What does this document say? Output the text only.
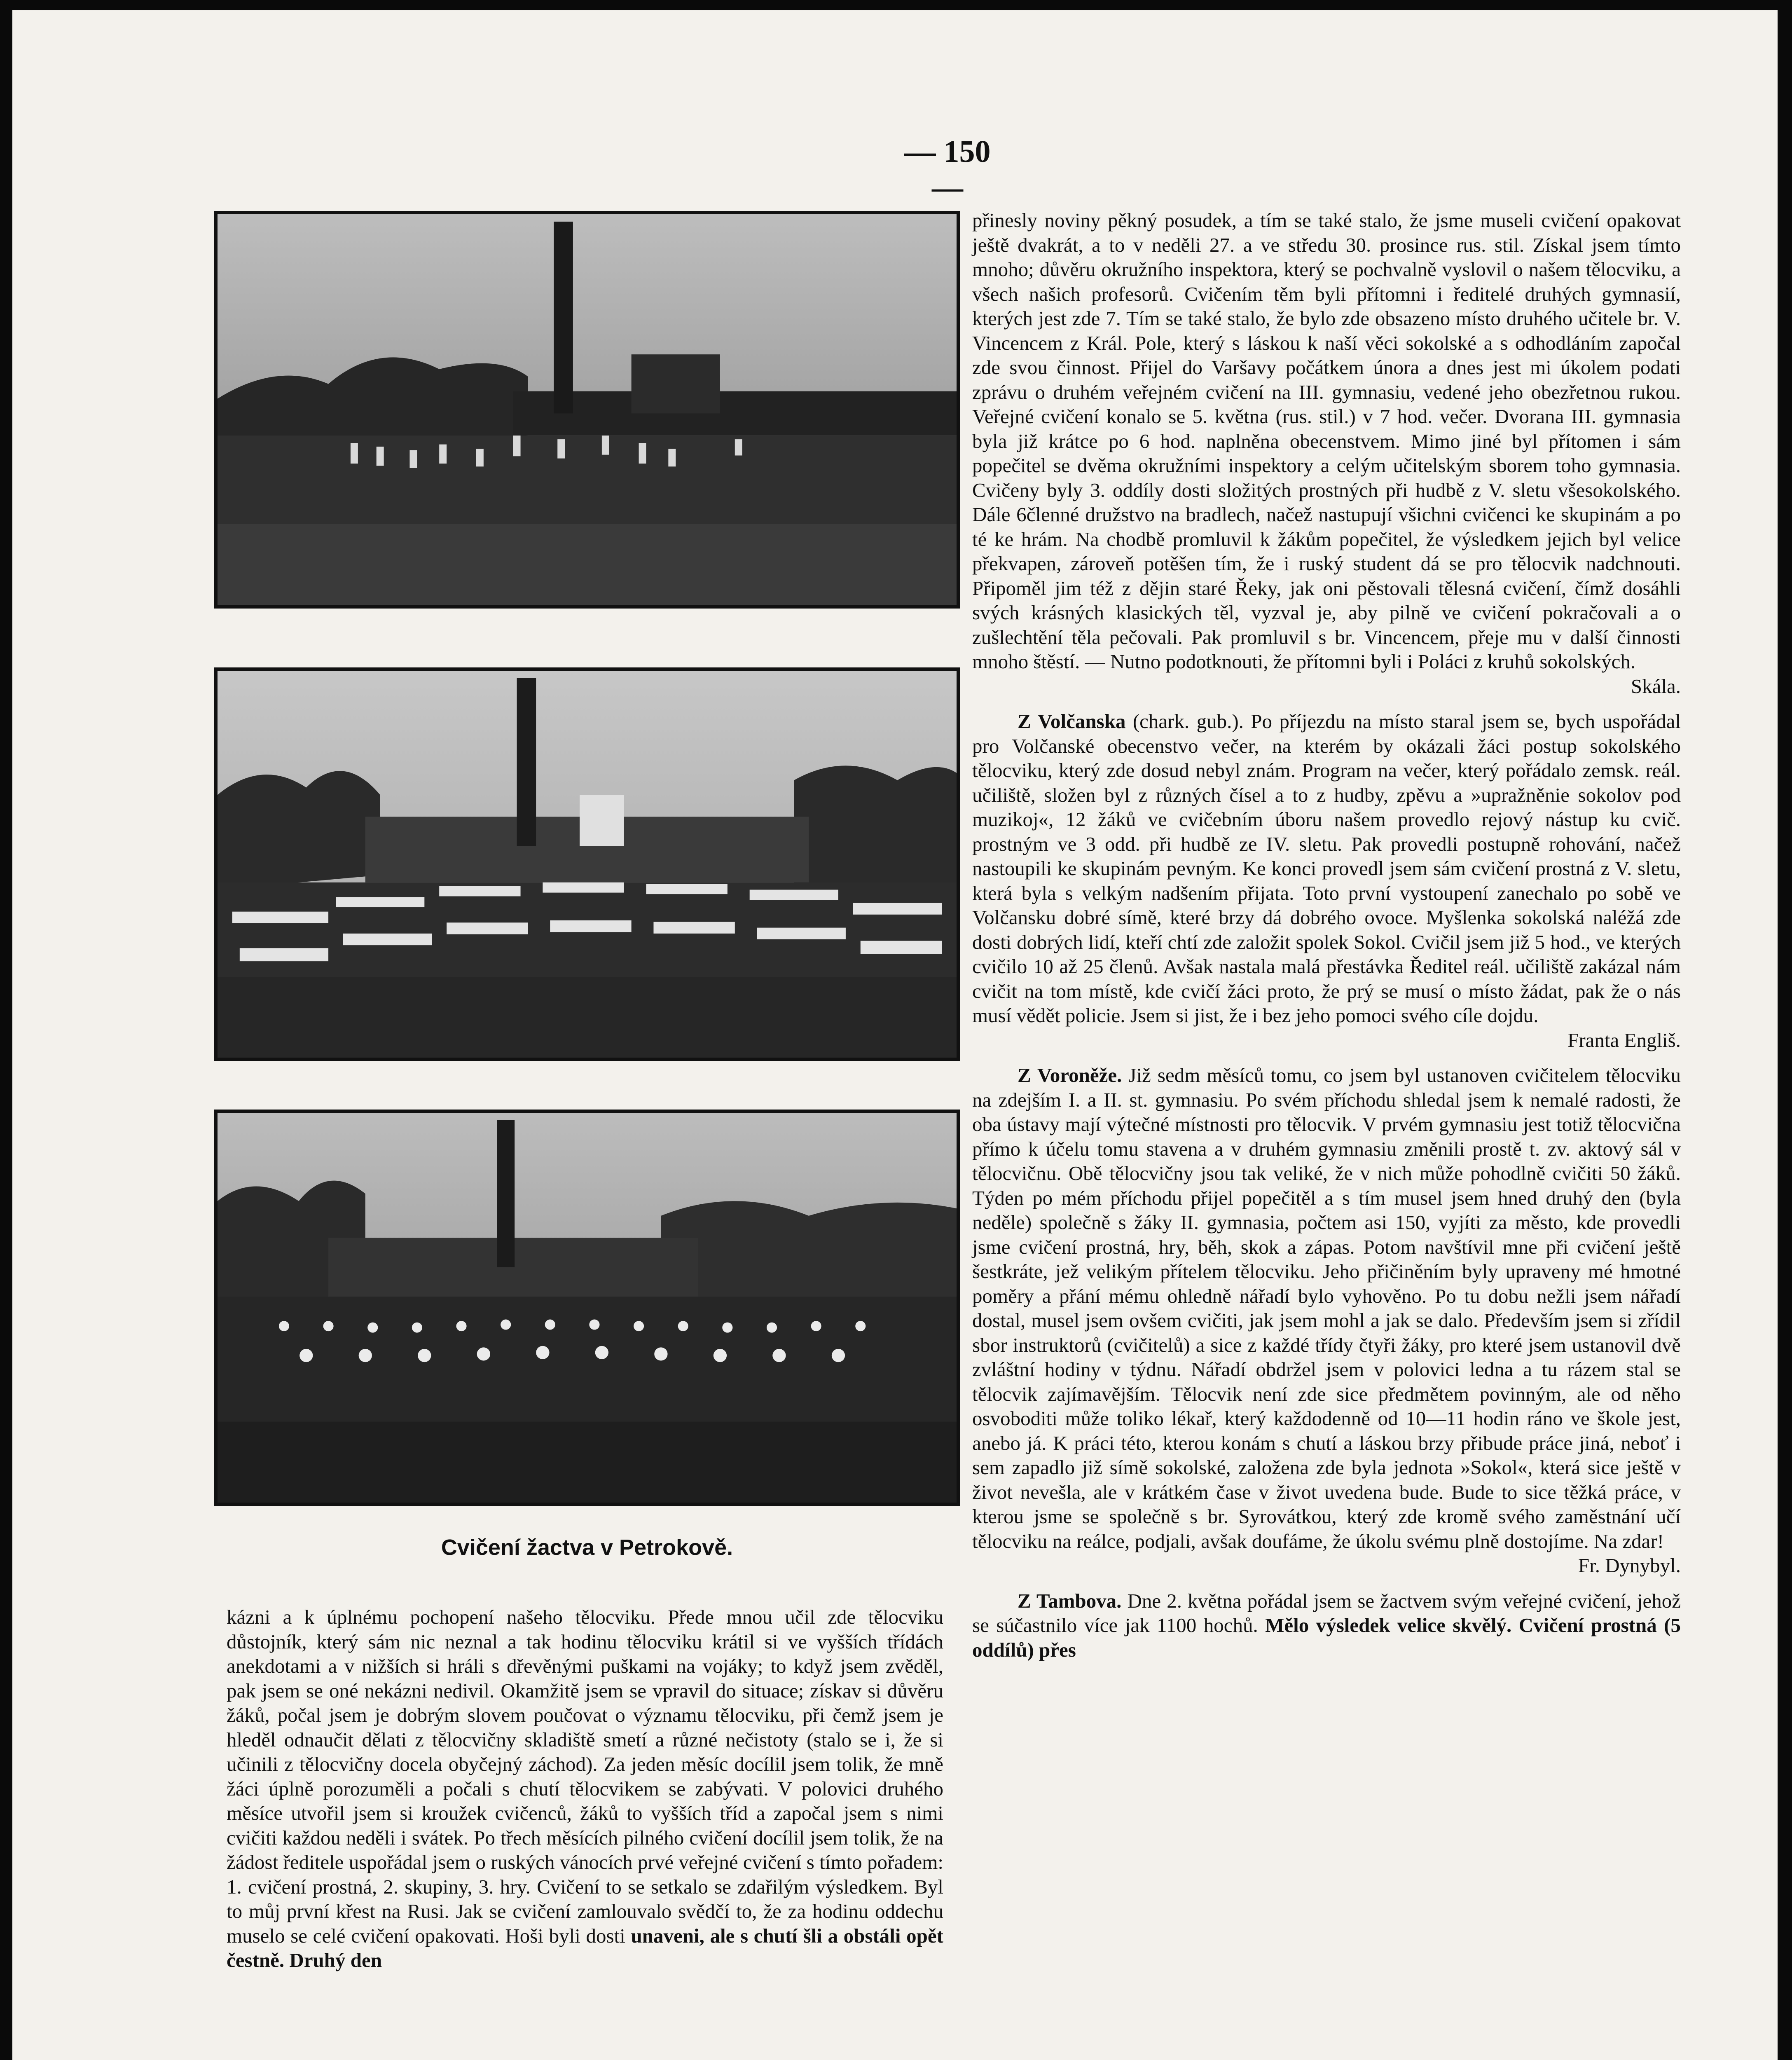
— 150 —
Cvičení žactva v Petrokově.

kázni a k úplnému pochopení našeho tělocviku. Přede mnou učil zde tělocviku důstojník, který sám nic neznal a tak hodinu tělocviku krátil si ve vyšších třídách anekdotami a v nižších si hráli s dřevěnými puškami na vojáky; to když jsem zvěděl, pak jsem se oné nekázni nedivil. Okamžitě jsem se vpravil do situace; získav si důvěru žáků, počal jsem je dobrým slovem poučovat o významu tělocviku, při čemž jsem je hleděl odnaučit dělati z tělocvičny skladiště smetí a různé nečistoty (stalo se i, že si učinili z tělocvičny docela obyčejný záchod). Za jeden měsíc docílil jsem tolik, že mně žáci úplně porozuměli a počali s chutí tělocvikem se zabývati. V polovici druhého měsíce utvořil jsem si kroužek cvičenců, žáků to vyšších tříd a započal jsem s nimi cvičiti každou neděli i svátek. Po třech měsících pilného cvičení docílil jsem tolik, že na žádost ředitele uspořádal jsem o ruských vánocích prvé veřejné cvičení s tímto pořadem: 1. cvičení prostná, 2. skupiny, 3. hry. Cvičení to se setkalo se zdařilým výsledkem. Byl to můj první křest na Rusi. Jak se cvičení zamlouvalo svědčí to, že za hodinu oddechu muselo se celé cvičení opakovati. Hoši byli dosti unaveni, ale s chutí šli a obstáli opět čestně. Druhý den

přinesly noviny pěkný posudek, a tím se také stalo, že jsme museli cvičení opakovat ještě dvakrát, a to v neděli 27. a ve středu 30. prosince rus. stil. Získal jsem tímto mnoho; důvěru okružního inspektora, který se pochvalně vyslovil o našem tělocviku, a všech našich profesorů. Cvičením těm byli přítomni i ředitelé druhých gymnasií, kterých jest zde 7. Tím se také stalo, že bylo zde obsazeno místo druhého učitele br. V. Vincencem z Král. Pole, který s láskou k naší věci sokolské a s odhodláním započal zde svou činnost. Přijel do Varšavy počátkem února a dnes jest mi úkolem podati zprávu o druhém veřejném cvičení na III. gymnasiu, vedené jeho obezřetnou rukou. Veřejné cvičení konalo se 5. května (rus. stil.) v 7 hod. večer. Dvorana III. gymnasia byla již krátce po 6 hod. naplněna obecenstvem. Mimo jiné byl přítomen i sám popečitel se dvěma okružními inspektory a celým učitelským sborem toho gymnasia. Cvičeny byly 3. oddíly dosti složitých prostných při hudbě z V. sletu všesokolského. Dále 6členné družstvo na bradlech, načež nastupují všichni cvičenci ke skupinám a po té ke hrám. Na chodbě promluvil k žákům popečitel, že výsledkem jejich byl velice překvapen, zároveň potěšen tím, že i ruský student dá se pro tělocvik nadchnouti. Připoměl jim též z dějin staré Řeky, jak oni pěstovali tělesná cvičení, čímž dosáhli svých krásných klasických těl, vyzval je, aby pilně ve cvičení pokračovali a o zušlechtění těla pečovali. Pak promluvil s br. Vincencem, přeje mu v další činnosti mnoho štěstí. — Nutno podotknouti, že přítomni byli i Poláci z kruhů sokolských.
Skála.

Z Volčanska (chark. gub.). Po příjezdu na místo staral jsem se, bych uspořádal pro Volčanské obecenstvo večer, na kterém by okázali žáci postup sokolského tělocviku, který zde dosud nebyl znám. Program na večer, který pořádalo zemsk. reál. učiliště, složen byl z různých čísel a to z hudby, zpěvu a »upražněnie sokolov pod muzikoj«, 12 žáků ve cvičebním úboru našem provedlo rejový nástup ku cvič. prostným ve 3 odd. při hudbě ze IV. sletu. Pak provedli postupně rohování, načež nastoupili ke skupinám pevným. Ke konci provedl jsem sám cvičení prostná z V. sletu, která byla s velkým nadšením přijata. Toto první vystoupení zanechalo po sobě ve Volčansku dobré símě, které brzy dá dobrého ovoce. Myšlenka sokolská naléžá zde dosti dobrých lidí, kteří chtí zde založit spolek Sokol. Cvičil jsem již 5 hod., ve kterých cvičilo 10 až 25 členů. Avšak nastala malá přestávka Ředitel reál. učiliště zakázal nám cvičit na tom místě, kde cvičí žáci proto, že prý se musí o místo žádat, pak že o nás musí vědět policie. Jsem si jist, že i bez jeho pomoci svého cíle dojdu.
Franta Engliš.

Z Voroněže. Již sedm měsíců tomu, co jsem byl ustanoven cvičitelem tělocviku na zdejším I. a II. st. gymnasiu. Po svém příchodu shledal jsem k nemalé radosti, že oba ústavy mají výtečné místnosti pro tělocvik. V prvém gymnasiu jest totiž tělocvična přímo k účelu tomu stavena a v druhém gymnasiu změnili prostě t. zv. aktový sál v tělocvičnu. Obě tělocvičny jsou tak veliké, že v nich může pohodlně cvičiti 50 žáků. Týden po mém příchodu přijel popečitěl a s tím musel jsem hned druhý den (byla neděle) společně s žáky II. gymnasia, počtem asi 150, vyjíti za město, kde provedli jsme cvičení prostná, hry, běh, skok a zápas. Potom navštívil mne při cvičení ještě šestkráte, jež velikým přítelem tělocviku. Jeho přičiněním byly upraveny mé hmotné poměry a přání mému ohledně nářadí bylo vyhověno. Po tu dobu nežli jsem nářadí dostal, musel jsem ovšem cvičiti, jak jsem mohl a jak se dalo. Především jsem si zřídil sbor instruktorů (cvičitelů) a sice z každé třídy čtyři žáky, pro které jsem ustanovil dvě zvláštní hodiny v týdnu. Nářadí obdržel jsem v polovici ledna a tu rázem stal se tělocvik zajímavějším. Tělocvik není zde sice předmětem povinným, ale od něho osvoboditi může toliko lékař, který každodenně od 10—11 hodin ráno ve škole jest, anebo já. K práci této, kterou konám s chutí a láskou brzy přibude práce jiná, neboť i sem zapadlo již símě sokolské, založena zde byla jednota »Sokol«, která sice ještě v život nevešla, ale v krátkém čase v život uvedena bude. Bude to sice těžká práce, v kterou jsme se společně s br. Syrovátkou, který zde kromě svého zaměstnání učí tělocviku na reálce, podjali, avšak doufáme, že úkolu svému plně dostojíme. Na zdar!
Fr. Dynybyl.

Z Tambova. Dne 2. května pořádal jsem se žactvem svým veřejné cvičení, jehož se súčastnilo více jak 1100 hochů. Mělo výsledek velice skvělý. Cvičení prostná (5 oddílů) přes
